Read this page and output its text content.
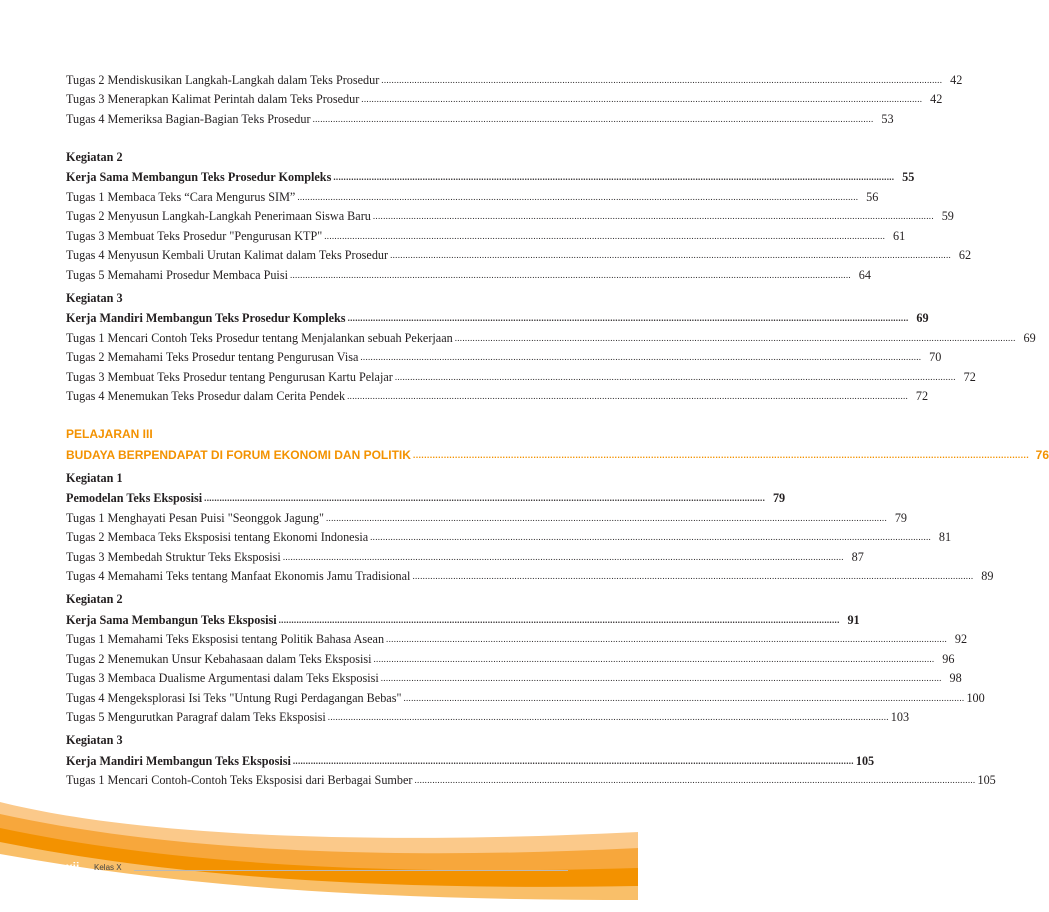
Tugas 2 Mendiskusikan Langkah-Langkah dalam Teks Prosedur ............................................................................................................................................................................................................................ 42
Tugas 3 Menerapkan Kalimat Perintah dalam Teks Prosedur ............................................................................................................................................................................................................................ 42
Tugas 4 Memeriksa Bagian-Bagian Teks Prosedur ............................................................................................................................................................................................................................ 53
Kegiatan 2
Kerja Sama Membangun Teks Prosedur Kompleks ............................................................................................................................................................................................................................ 55
Tugas 1 Membaca Teks “Cara Mengurus SIM” ............................................................................................................................................................................................................................ 56
Tugas 2 Menyusun Langkah-Langkah Penerimaan Siswa Baru ............................................................................................................................................................................................................................ 59
Tugas 3 Membuat Teks Prosedur "Pengurusan KTP" ............................................................................................................................................................................................................................ 61
Tugas 4 Menyusun Kembali Urutan Kalimat dalam Teks Prosedur ............................................................................................................................................................................................................................ 62
Tugas 5 Memahami Prosedur Membaca Puisi ............................................................................................................................................................................................................................ 64
Kegiatan 3
Kerja Mandiri Membangun Teks Prosedur Kompleks ............................................................................................................................................................................................................................ 69
Tugas 1 Mencari Contoh Teks Prosedur tentang Menjalankan sebuah Pekerjaan ............................................................................................................................................................................................................................ 69
Tugas 2 Memahami Teks Prosedur tentang Pengurusan Visa ............................................................................................................................................................................................................................ 70
Tugas 3 Membuat Teks Prosedur tentang Pengurusan Kartu Pelajar ............................................................................................................................................................................................................................ 72
Tugas 4 Menemukan Teks Prosedur dalam Cerita Pendek ............................................................................................................................................................................................................................ 72
PELAJARAN III
BUDAYA BERPENDAPAT DI FORUM EKONOMI DAN POLITIK ............................................................................................................................................................................................................................ 76
Kegiatan 1
Pemodelan Teks Eksposisi ............................................................................................................................................................................................................................ 79
Tugas 1 Menghayati Pesan Puisi "Seonggok Jagung" ............................................................................................................................................................................................................................ 79
Tugas 2 Membaca Teks Eksposisi tentang Ekonomi Indonesia ............................................................................................................................................................................................................................ 81
Tugas 3 Membedah Struktur Teks Eksposisi ............................................................................................................................................................................................................................ 87
Tugas 4 Memahami Teks tentang Manfaat Ekonomis Jamu Tradisional ............................................................................................................................................................................................................................ 89
Kegiatan 2
Kerja Sama Membangun Teks Eksposisi ............................................................................................................................................................................................................................ 91
Tugas 1 Memahami Teks Eksposisi tentang Politik Bahasa Asean ............................................................................................................................................................................................................................ 92
Tugas 2 Menemukan Unsur Kebahasaan dalam Teks Eksposisi ............................................................................................................................................................................................................................ 96
Tugas 3 Membaca Dualisme Argumentasi dalam Teks Eksposisi ............................................................................................................................................................................................................................ 98
Tugas 4 Mengeksplorasi Isi Teks "Untung Rugi Perdagangan Bebas" ............................................................................................................................................................................................................................ 100
Tugas 5 Mengurutkan Paragraf dalam Teks Eksposisi ............................................................................................................................................................................................................................ 103
Kegiatan 3
Kerja Mandiri Membangun Teks Eksposisi ............................................................................................................................................................................................................................ 105
Tugas 1 Mencari Contoh-Contoh Teks Eksposisi dari Berbagai Sumber ............................................................................................................................................................................................................................ 105
xii	Kelas X
